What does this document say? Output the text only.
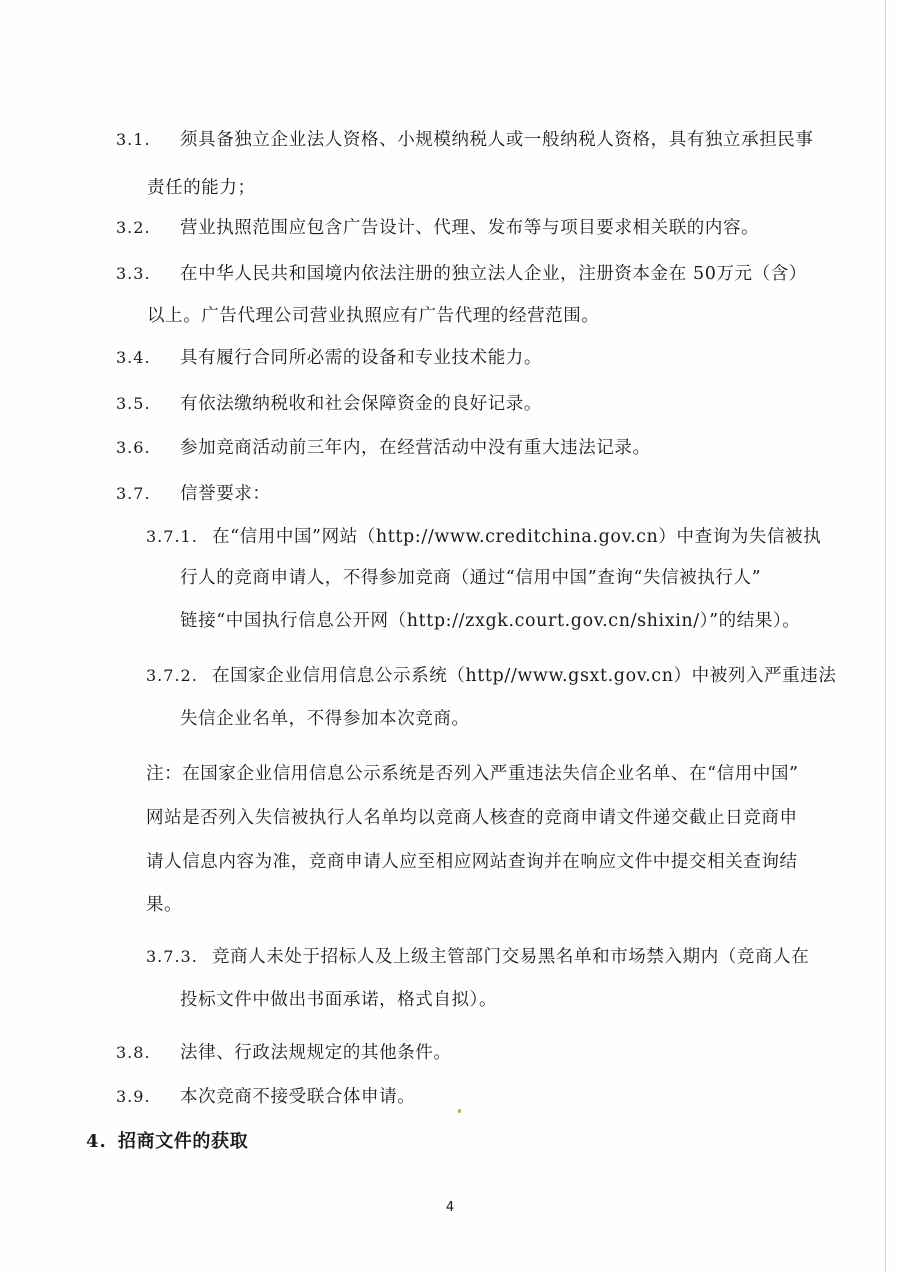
3.1. 须具备独立企业法人资格、小规模纳税人或一般纳税人资格，具有独立承担民事
责任的能力；
3.2. 营业执照范围应包含广告设计、代理、发布等与项目要求相关联的内容。
3.3. 在中华人民共和国境内依法注册的独立法人企业，注册资本金在 50万元（含）
以上。广告代理公司营业执照应有广告代理的经营范围。
3.4. 具有履行合同所必需的设备和专业技术能力。
3.5. 有依法缴纳税收和社会保障资金的良好记录。
3.6. 参加竞商活动前三年内，在经营活动中没有重大违法记录。
3.7. 信誉要求：
3.7.1. 在“信用中国”网站（http://www.creditchina.gov.cn）中查询为失信被执
行人的竞商申请人，不得参加竞商（通过“信用中国”查询“失信被执行人”
链接“中国执行信息公开网（http://zxgk.court.gov.cn/shixin/）”的结果）。
3.7.2. 在国家企业信用信息公示系统（http//www.gsxt.gov.cn）中被列入严重违法
失信企业名单，不得参加本次竞商。
注：在国家企业信用信息公示系统是否列入严重违法失信企业名单、在“信用中国”
网站是否列入失信被执行人名单均以竞商人核查的竞商申请文件递交截止日竞商申
请人信息内容为准，竞商申请人应至相应网站查询并在响应文件中提交相关查询结
果。
3.7.3. 竞商人未处于招标人及上级主管部门交易黑名单和市场禁入期内（竞商人在
投标文件中做出书面承诺，格式自拟）。
3.8. 法律、行政法规规定的其他条件。
3.9. 本次竞商不接受联合体申请。
4. 招商文件的获取
4
